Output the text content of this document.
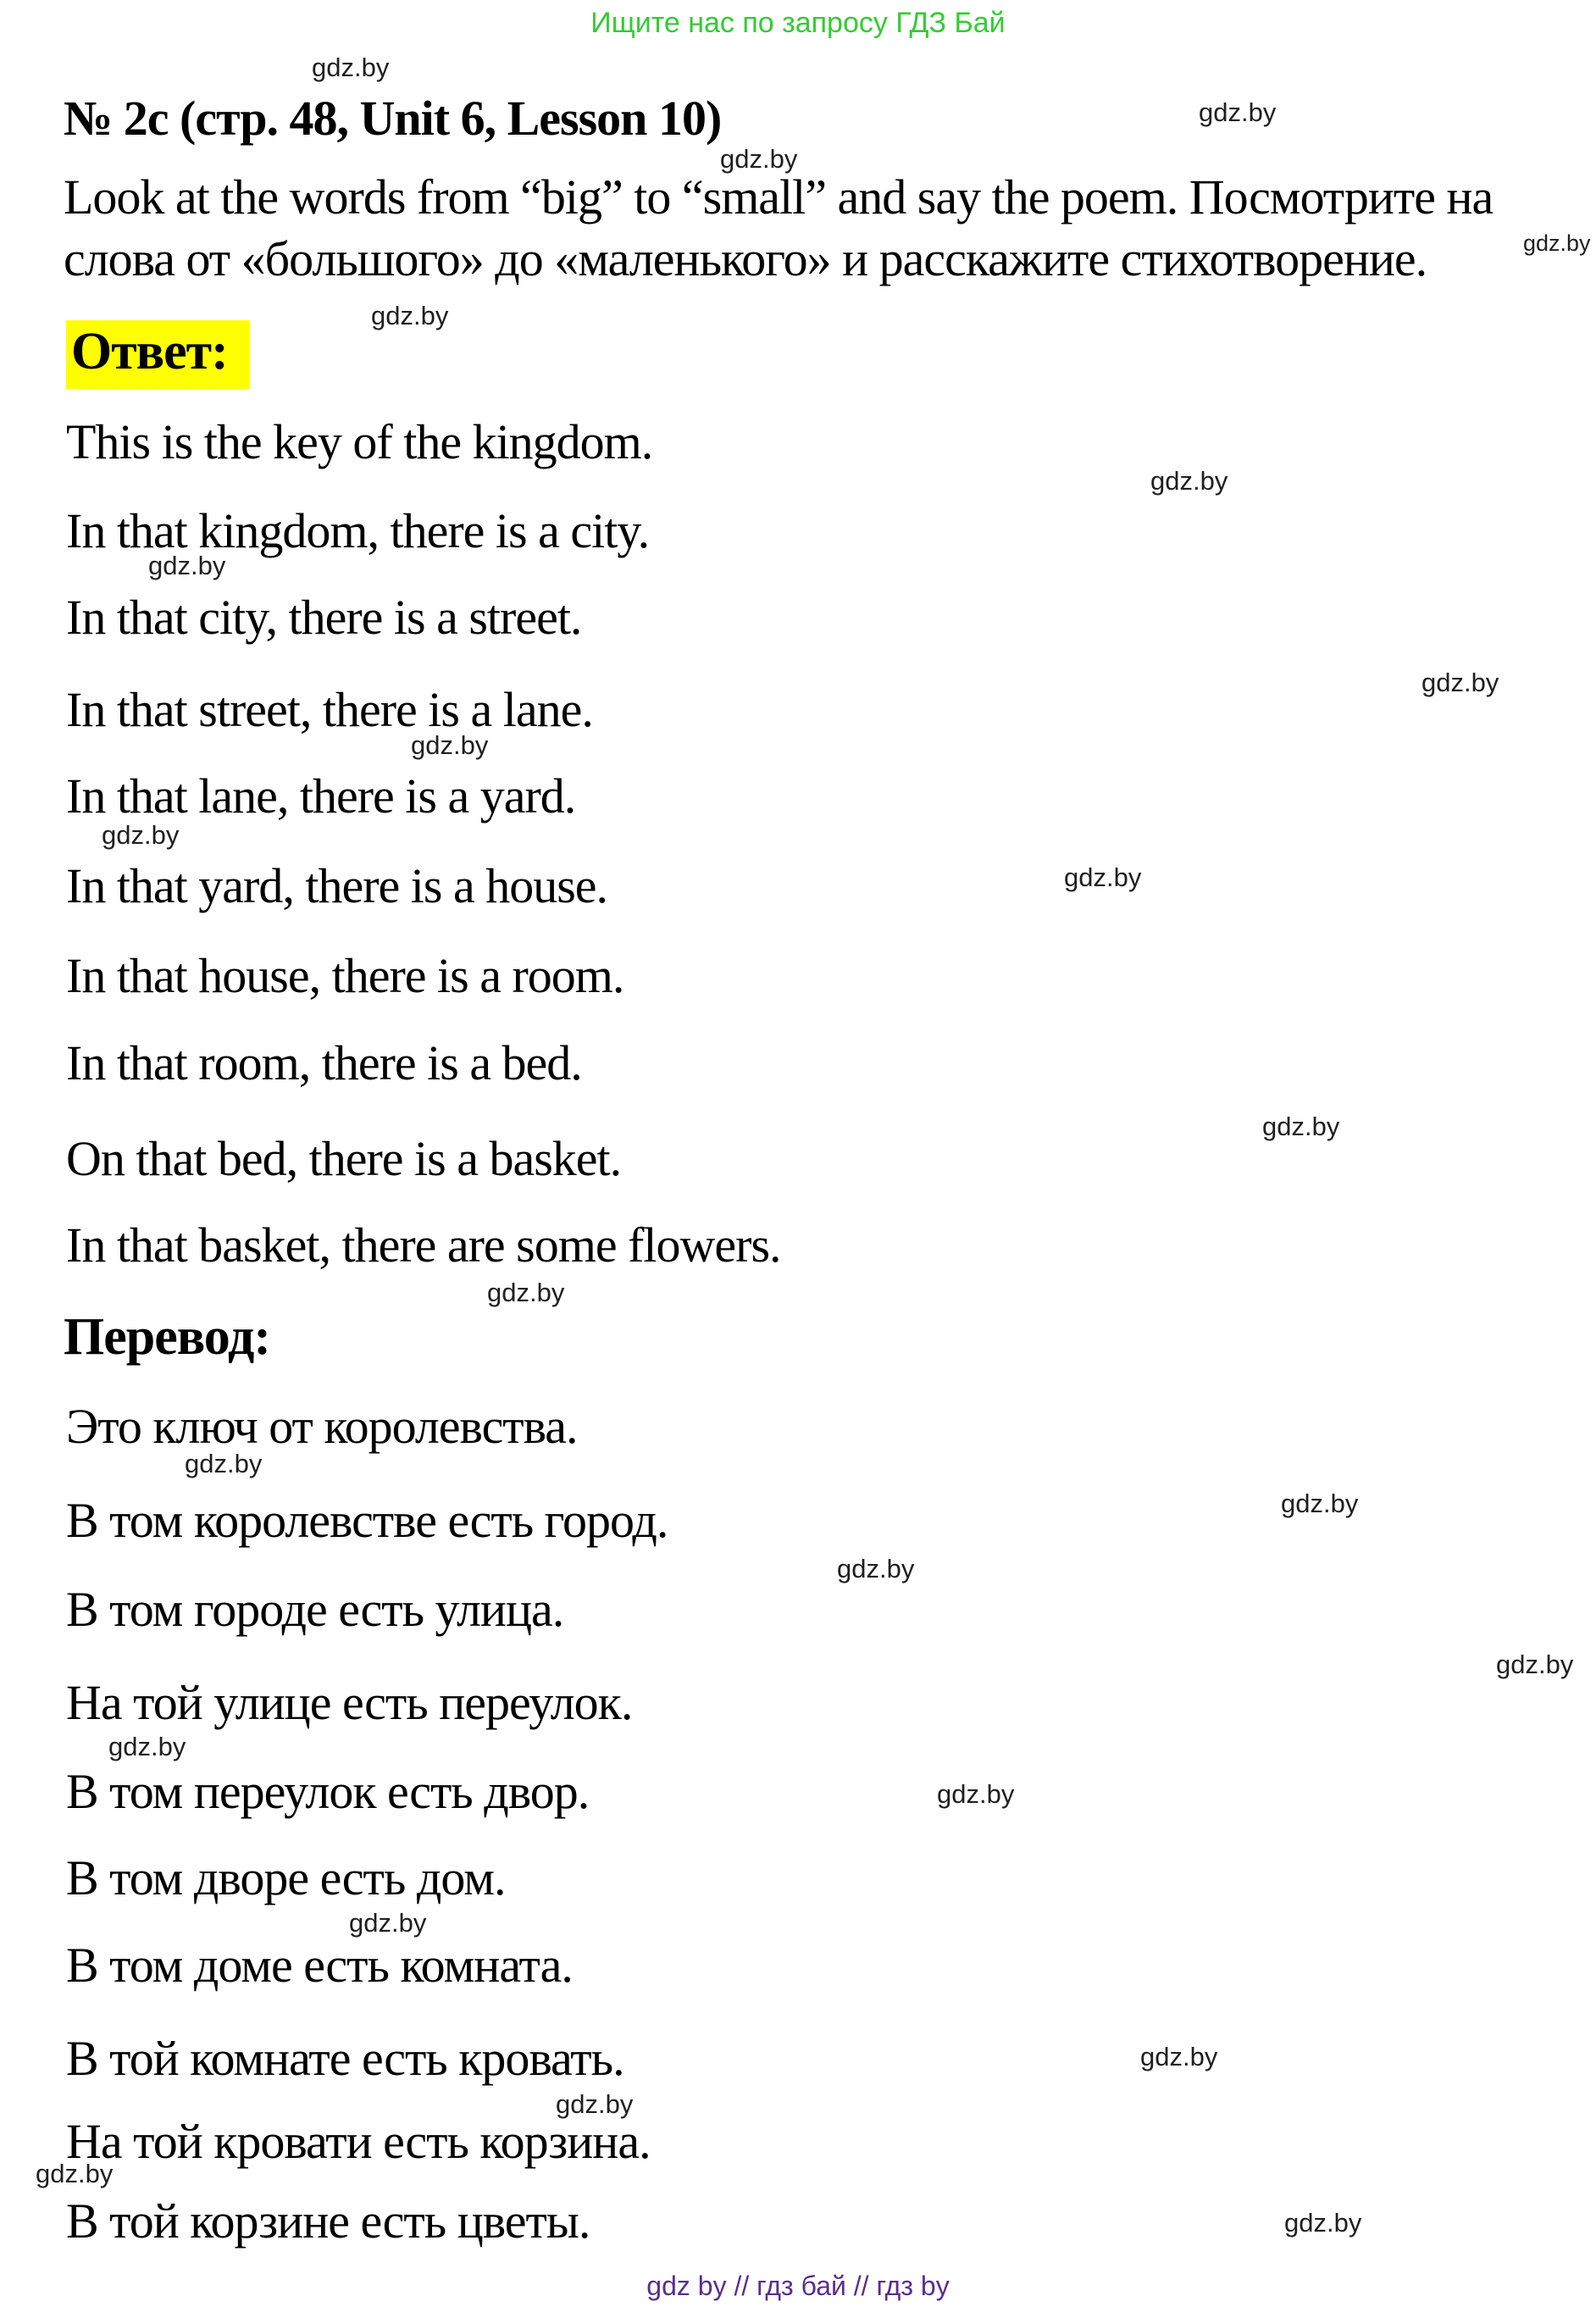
Ищите нас по запросу ГДЗ Бай
№ 2c (стр. 48, Unit 6, Lesson 10)
Look at the words from “big” to “small” and say the poem. Посмотрите на
слова от «большого» до «маленького» и расскажите стихотворение.
Ответ:

This is the key of the kingdom.

In that kingdom, there is a city.

In that city, there is a street.

In that street, there is a lane.

In that lane, there is a yard.

In that yard, there is a house.

In that house, there is a room.

In that room, there is a bed.

On that bed, there is a basket.

In that basket, there are some flowers.

Перевод:

Это ключ от королевства.

В том королевстве есть город.

В том городе есть улица.

На той улице есть переулок.

В том переулок есть двор.

В том дворе есть дом.

В том доме есть комната.

В той комнате есть кровать.

На той кровати есть корзина.

В той корзине есть цветы.

gdz.by
gdz.by
gdz.by
gdz.by
gdz.by
gdz.by
gdz.by
gdz.by
gdz.by
gdz.by
gdz.by
gdz.by
gdz.by
gdz.by
gdz.by
gdz.by
gdz.by
gdz.by
gdz.by
gdz.by
gdz.by
gdz.by
gdz.by
gdz.by
gdz by // гдз бай // гдз by
